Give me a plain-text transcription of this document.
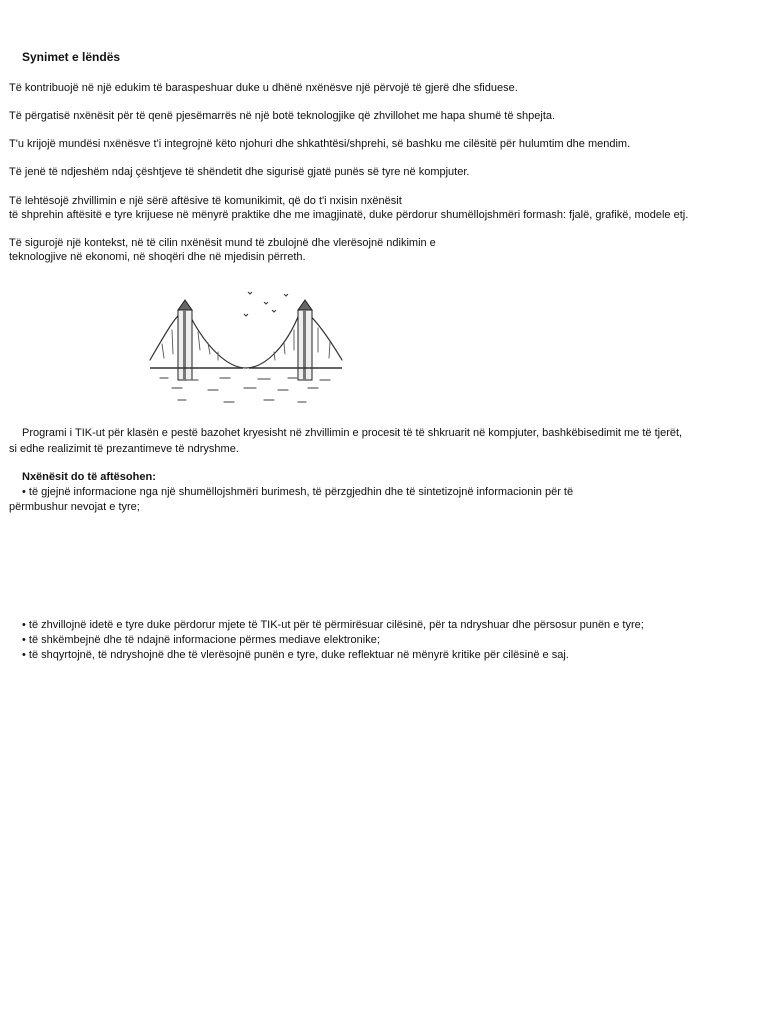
Synimet e lëndës
Të kontribuojë në një edukim të baraspeshuar duke u dhënë nxënësve një përvojë të gjerë dhe sfiduese.
Të përgatisë nxënësit për të qenë pjesëmarrës në një botë teknologjike që zhvillohet me hapa shumë të shpejta.
T'u krijojë mundësi nxënësve t'i integrojnë këto njohuri dhe shkathtësi/shprehi, së bashku me cilësitë për hulumtim dhe mendim.
Të jenë të ndjeshëm ndaj çështjeve të shëndetit dhe sigurisë gjatë punës së tyre në kompjuter.
Të lehtësojë zhvillimin e një sërë aftësive të komunikimit, që do t'i nxisin nxënësit
të shprehin aftësitë e tyre krijuese në mënyrë praktike dhe me imagjinatë, duke përdorur shumëllojshmëri formash: fjalë, grafikë, modele etj.
Të sigurojë një kontekst, në të cilin nxënësit mund të zbulojnë dhe vlerësojnë ndikimin e
teknologjive në ekonomi, në shoqëri dhe në mjedisin përreth.
Programi i TIK-ut për klasën e pestë bazohet kryesisht në zhvillimin e procesit të të shkruarit në kompjuter, bashkëbisedimit me të tjerët,
si edhe realizimit të prezantimeve të ndryshme.
Nxënësit do të aftësohen:
• të gjejnë informacione nga një shumëllojshmëri burimesh, të përzgjedhin dhe të sintetizojnë informacionin për të
përmbushur nevojat e tyre;
• të zhvillojnë idetë e tyre duke përdorur mjete të TIK-ut për të përmirësuar cilësinë, për ta ndryshuar dhe përsosur punën e tyre;
• të shkëmbejnë dhe të ndajnë informacione përmes mediave elektronike;
• të shqyrtojnë, të ndryshojnë dhe të vlerësojnë punën e tyre, duke reflektuar në mënyrë kritike për cilësinë e saj.
